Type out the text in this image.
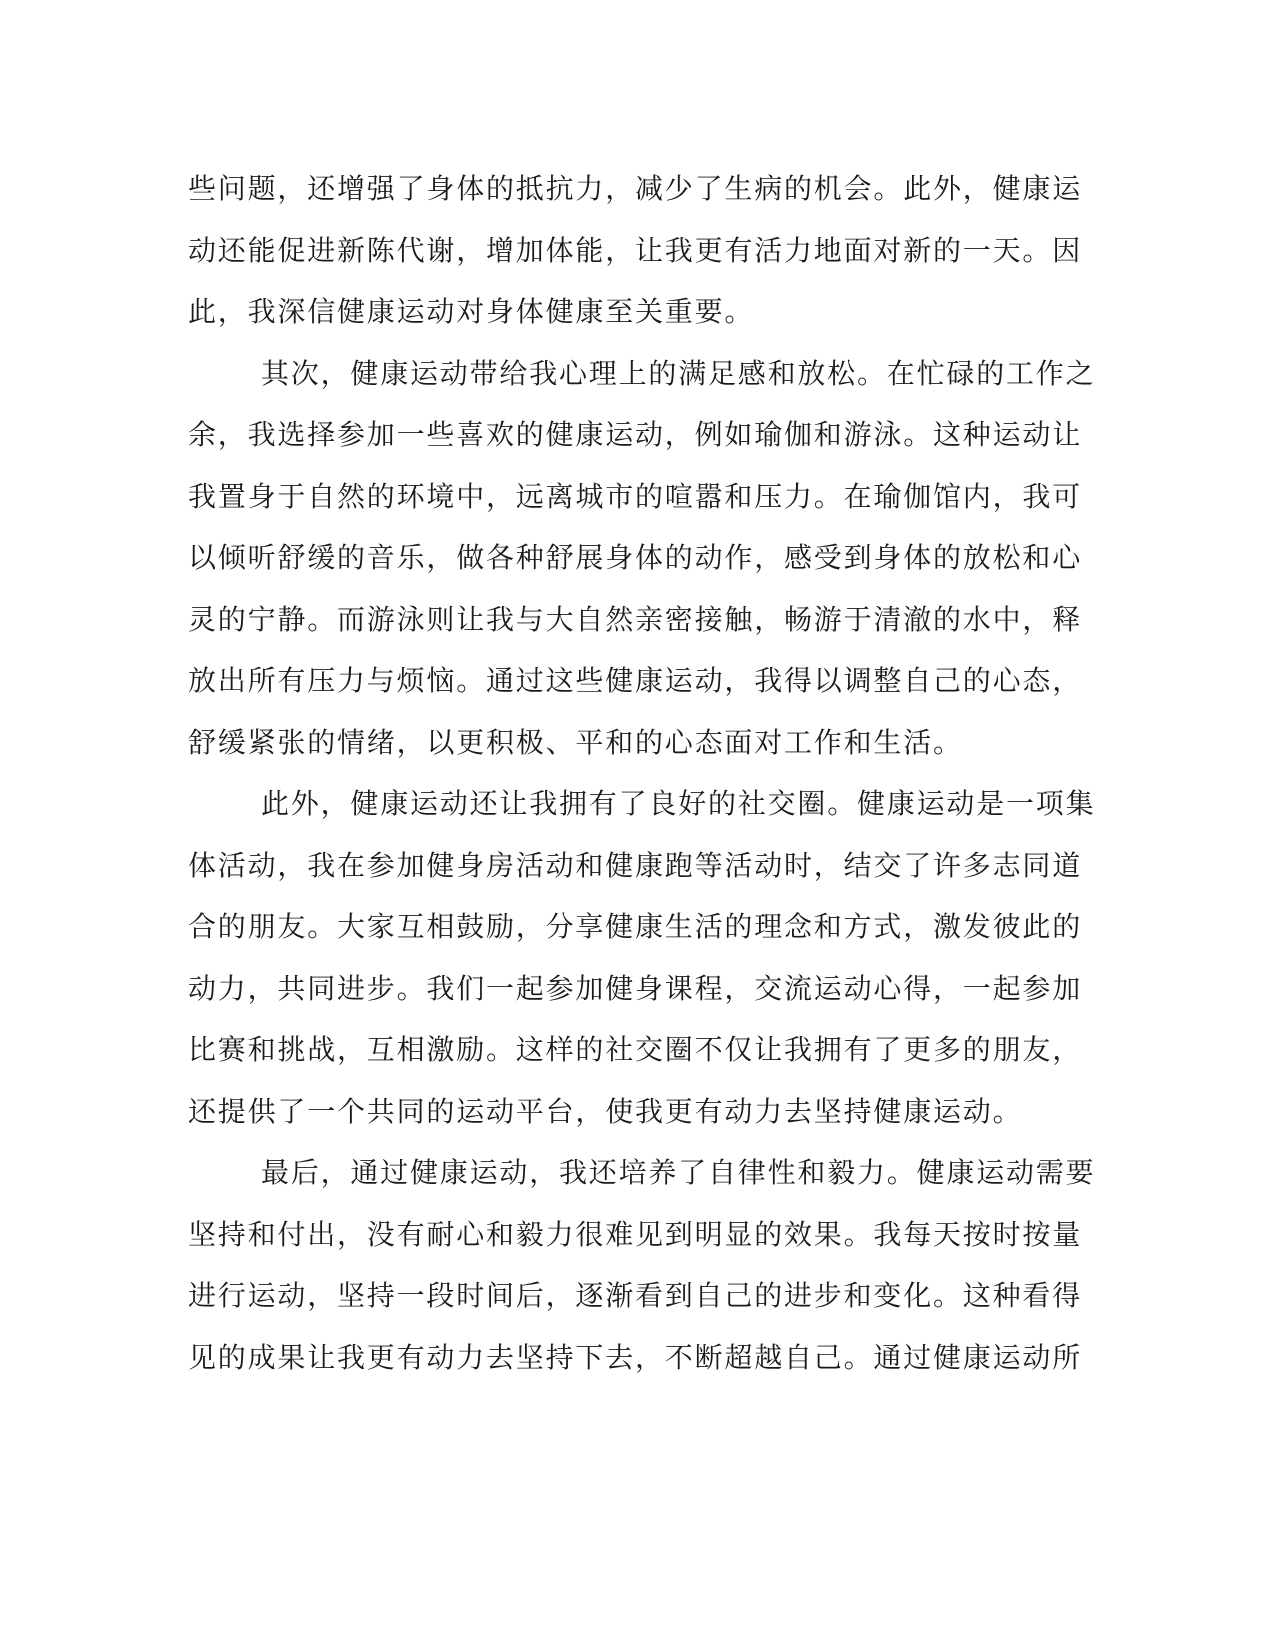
些问题，还增强了身体的抵抗力，减少了生病的机会。此外，健康运
动还能促进新陈代谢，增加体能，让我更有活力地面对新的一天。因
此，我深信健康运动对身体健康至关重要。
其次，健康运动带给我心理上的满足感和放松。在忙碌的工作之
余，我选择参加一些喜欢的健康运动，例如瑜伽和游泳。这种运动让
我置身于自然的环境中，远离城市的喧嚣和压力。在瑜伽馆内，我可
以倾听舒缓的音乐，做各种舒展身体的动作，感受到身体的放松和心
灵的宁静。而游泳则让我与大自然亲密接触，畅游于清澈的水中，释
放出所有压力与烦恼。通过这些健康运动，我得以调整自己的心态，
舒缓紧张的情绪，以更积极、平和的心态面对工作和生活。
此外，健康运动还让我拥有了良好的社交圈。健康运动是一项集
体活动，我在参加健身房活动和健康跑等活动时，结交了许多志同道
合的朋友。大家互相鼓励，分享健康生活的理念和方式，激发彼此的
动力，共同进步。我们一起参加健身课程，交流运动心得，一起参加
比赛和挑战，互相激励。这样的社交圈不仅让我拥有了更多的朋友，
还提供了一个共同的运动平台，使我更有动力去坚持健康运动。
最后，通过健康运动，我还培养了自律性和毅力。健康运动需要
坚持和付出，没有耐心和毅力很难见到明显的效果。我每天按时按量
进行运动，坚持一段时间后，逐渐看到自己的进步和变化。这种看得
见的成果让我更有动力去坚持下去，不断超越自己。通过健康运动所
